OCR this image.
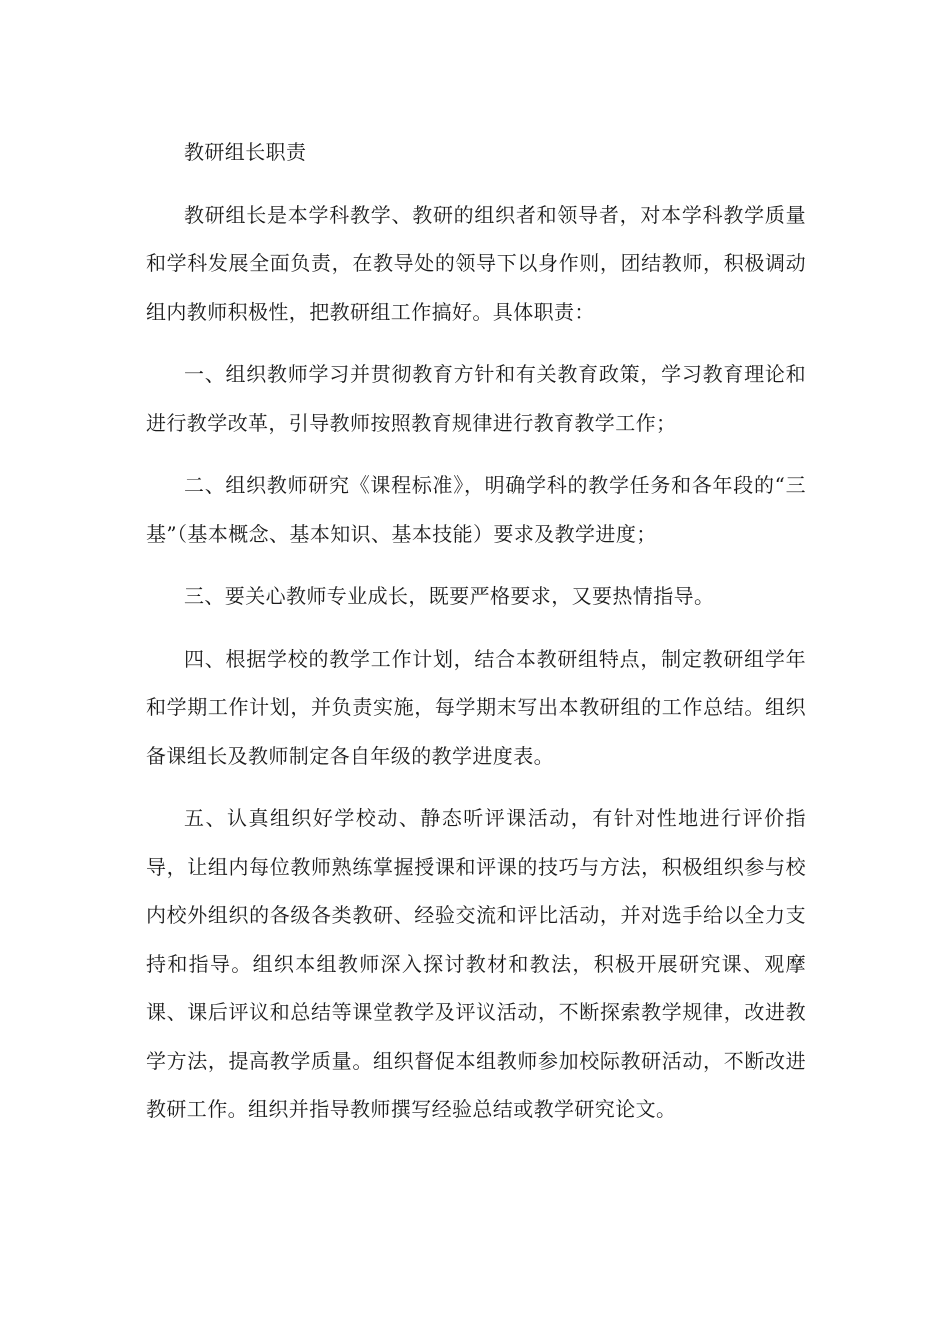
教研组长职责

教研组长是本学科教学、教研的组织者和领导者，对本学科教学质量和学科发展全面负责，在教导处的领导下以身作则，团结教师，积极调动组内教师积极性，把教研组工作搞好。具体职责：

一、组织教师学习并贯彻教育方针和有关教育政策，学习教育理论和进行教学改革，引导教师按照教育规律进行教育教学工作；

二、组织教师研究《课程标准》，明确学科的教学任务和各年段的“三基”（基本概念、基本知识、基本技能）要求及教学进度；

三、要关心教师专业成长，既要严格要求，又要热情指导。

四、根据学校的教学工作计划，结合本教研组特点，制定教研组学年和学期工作计划，并负责实施，每学期末写出本教研组的工作总结。组织备课组长及教师制定各自年级的教学进度表。

五、认真组织好学校动、静态听评课活动，有针对性地进行评价指导，让组内每位教师熟练掌握授课和评课的技巧与方法，积极组织参与校内校外组织的各级各类教研、经验交流和评比活动，并对选手给以全力支持和指导。组织本组教师深入探讨教材和教法，积极开展研究课、观摩课、课后评议和总结等课堂教学及评议活动，不断探索教学规律，改进教学方法，提高教学质量。组织督促本组教师参加校际教研活动，不断改进教研工作。组织并指导教师撰写经验总结或教学研究论文。
